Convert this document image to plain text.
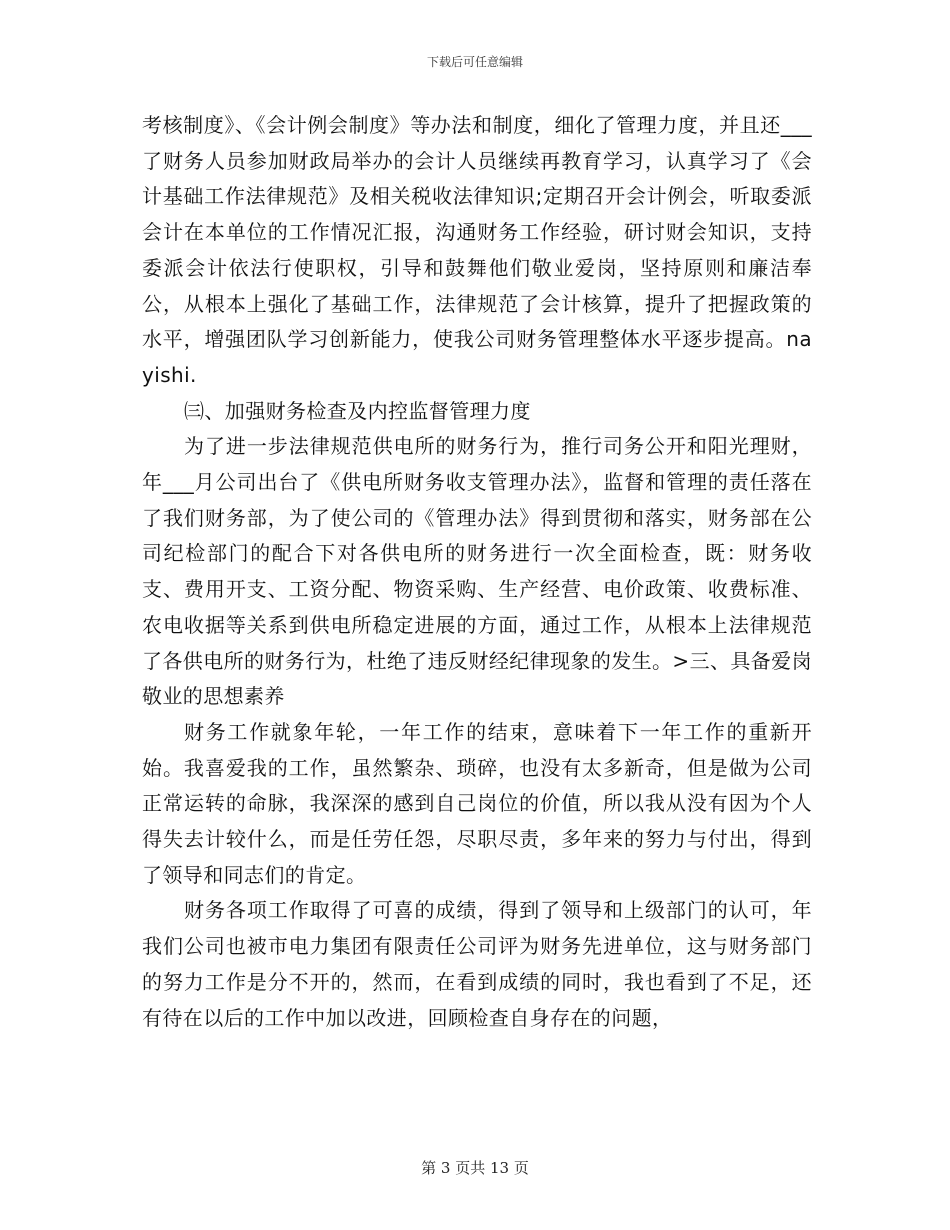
下载后可任意编辑

考核制度》、《会计例会制度》等办法和制度，细化了管理力度，并且还___了财务人员参加财政局举办的会计人员继续再教育学习，认真学习了《会计基础工作法律规范》及相关税收法律知识;定期召开会计例会，听取委派会计在本单位的工作情况汇报，沟通财务工作经验，研讨财会知识，支持委派会计依法行使职权，引导和鼓舞他们敬业爱岗，坚持原则和廉洁奉公，从根本上强化了基础工作，法律规范了会计核算，提升了把握政策的水平，增强团队学习创新能力，使我公司财务管理整体水平逐步提高。nayishi.

㈢、加强财务检查及内控监督管理力度

为了进一步法律规范供电所的财务行为，推行司务公开和阳光理财，年___月公司出台了《供电所财务收支管理办法》，监督和管理的责任落在了我们财务部，为了使公司的《管理办法》得到贯彻和落实，财务部在公司纪检部门的配合下对各供电所的财务进行一次全面检查，既：财务收支、费用开支、工资分配、物资采购、生产经营、电价政策、收费标准、农电收据等关系到供电所稳定进展的方面，通过工作，从根本上法律规范了各供电所的财务行为，杜绝了违反财经纪律现象的发生。>三、具备爱岗敬业的思想素养

财务工作就象年轮，一年工作的结束，意味着下一年工作的重新开始。我喜爱我的工作，虽然繁杂、琐碎，也没有太多新奇，但是做为公司正常运转的命脉，我深深的感到自己岗位的价值，所以我从没有因为个人得失去计较什么，而是任劳任怨，尽职尽责，多年来的努力与付出，得到了领导和同志们的肯定。

财务各项工作取得了可喜的成绩，得到了领导和上级部门的认可，年我们公司也被市电力集团有限责任公司评为财务先进单位，这与财务部门的努力工作是分不开的，然而，在看到成绩的同时，我也看到了不足，还有待在以后的工作中加以改进，回顾检查自身存在的问题，

第 3 页共 13 页
